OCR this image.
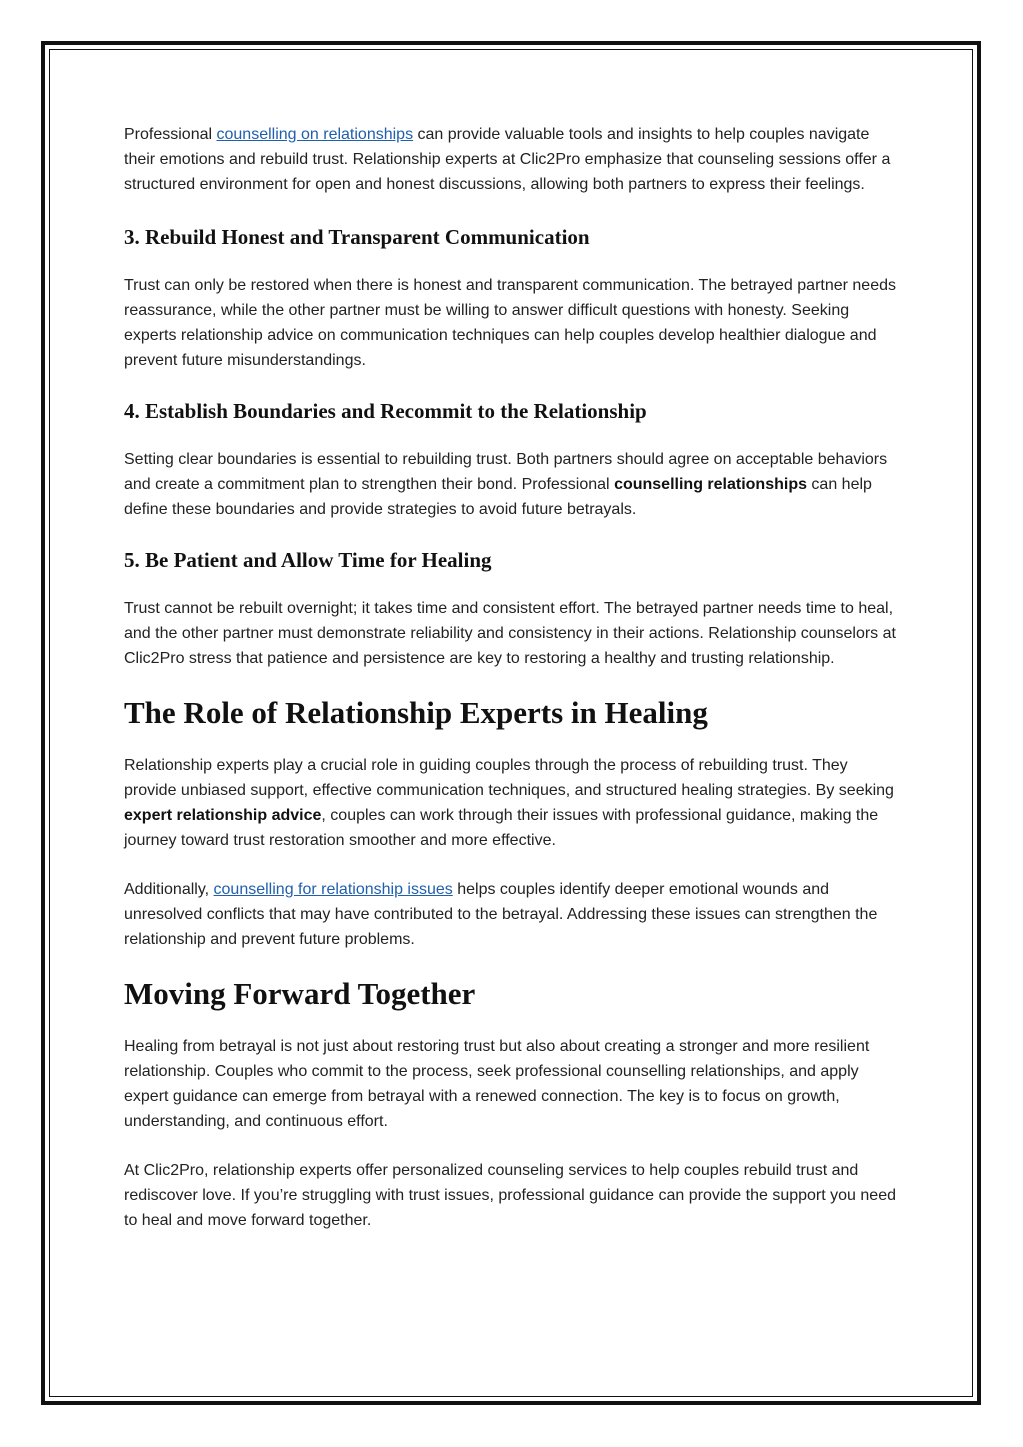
Professional counselling on relationships can provide valuable tools and insights to help couples navigate their emotions and rebuild trust. Relationship experts at Clic2Pro emphasize that counseling sessions offer a structured environment for open and honest discussions, allowing both partners to express their feelings.

3. Rebuild Honest and Transparent Communication

Trust can only be restored when there is honest and transparent communication. The betrayed partner needs reassurance, while the other partner must be willing to answer difficult questions with honesty. Seeking experts relationship advice on communication techniques can help couples develop healthier dialogue and prevent future misunderstandings.

4. Establish Boundaries and Recommit to the Relationship

Setting clear boundaries is essential to rebuilding trust. Both partners should agree on acceptable behaviors and create a commitment plan to strengthen their bond. Professional counselling relationships can help define these boundaries and provide strategies to avoid future betrayals.

5. Be Patient and Allow Time for Healing

Trust cannot be rebuilt overnight; it takes time and consistent effort. The betrayed partner needs time to heal, and the other partner must demonstrate reliability and consistency in their actions. Relationship counselors at Clic2Pro stress that patience and persistence are key to restoring a healthy and trusting relationship.

The Role of Relationship Experts in Healing

Relationship experts play a crucial role in guiding couples through the process of rebuilding trust. They provide unbiased support, effective communication techniques, and structured healing strategies. By seeking expert relationship advice, couples can work through their issues with professional guidance, making the journey toward trust restoration smoother and more effective.

Additionally, counselling for relationship issues helps couples identify deeper emotional wounds and unresolved conflicts that may have contributed to the betrayal. Addressing these issues can strengthen the relationship and prevent future problems.

Moving Forward Together

Healing from betrayal is not just about restoring trust but also about creating a stronger and more resilient relationship. Couples who commit to the process, seek professional counselling relationships, and apply expert guidance can emerge from betrayal with a renewed connection. The key is to focus on growth, understanding, and continuous effort.

At Clic2Pro, relationship experts offer personalized counseling services to help couples rebuild trust and rediscover love. If you’re struggling with trust issues, professional guidance can provide the support you need to heal and move forward together.
